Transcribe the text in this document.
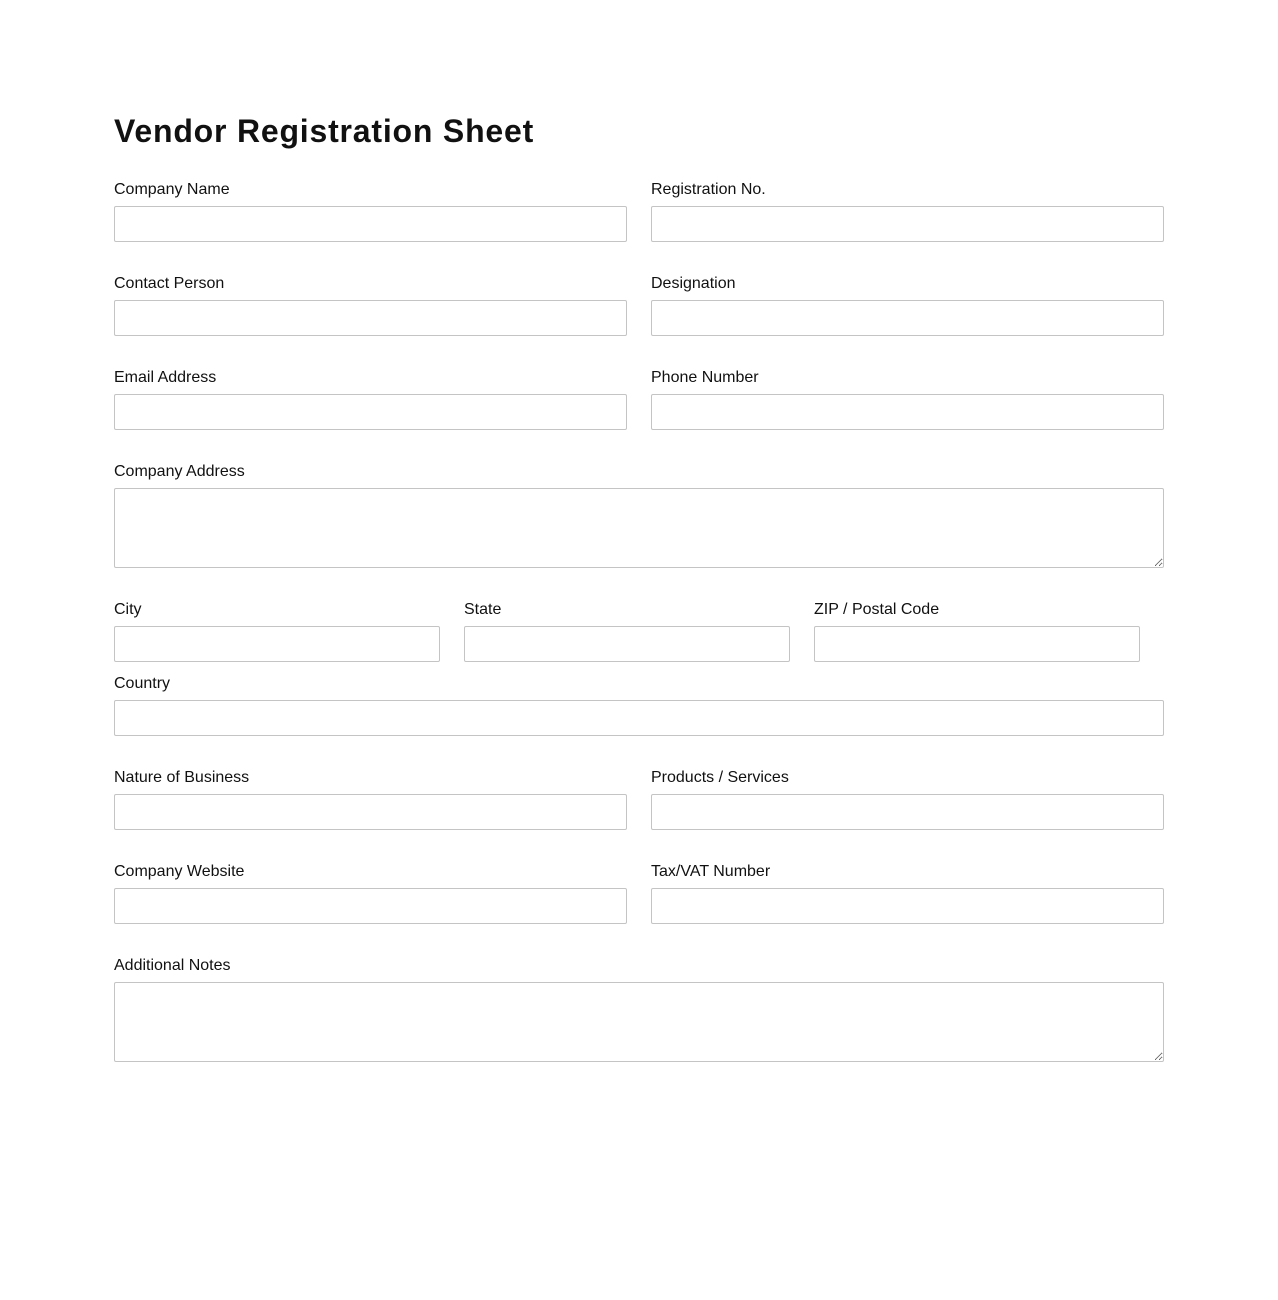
Vendor Registration Sheet
Company Name	Registration No.
Contact Person	Designation
Email Address	Phone Number
Company Address
City	State	ZIP / Postal Code
Country
Nature of Business	Products / Services
Company Website	Tax/VAT Number
Additional Notes
